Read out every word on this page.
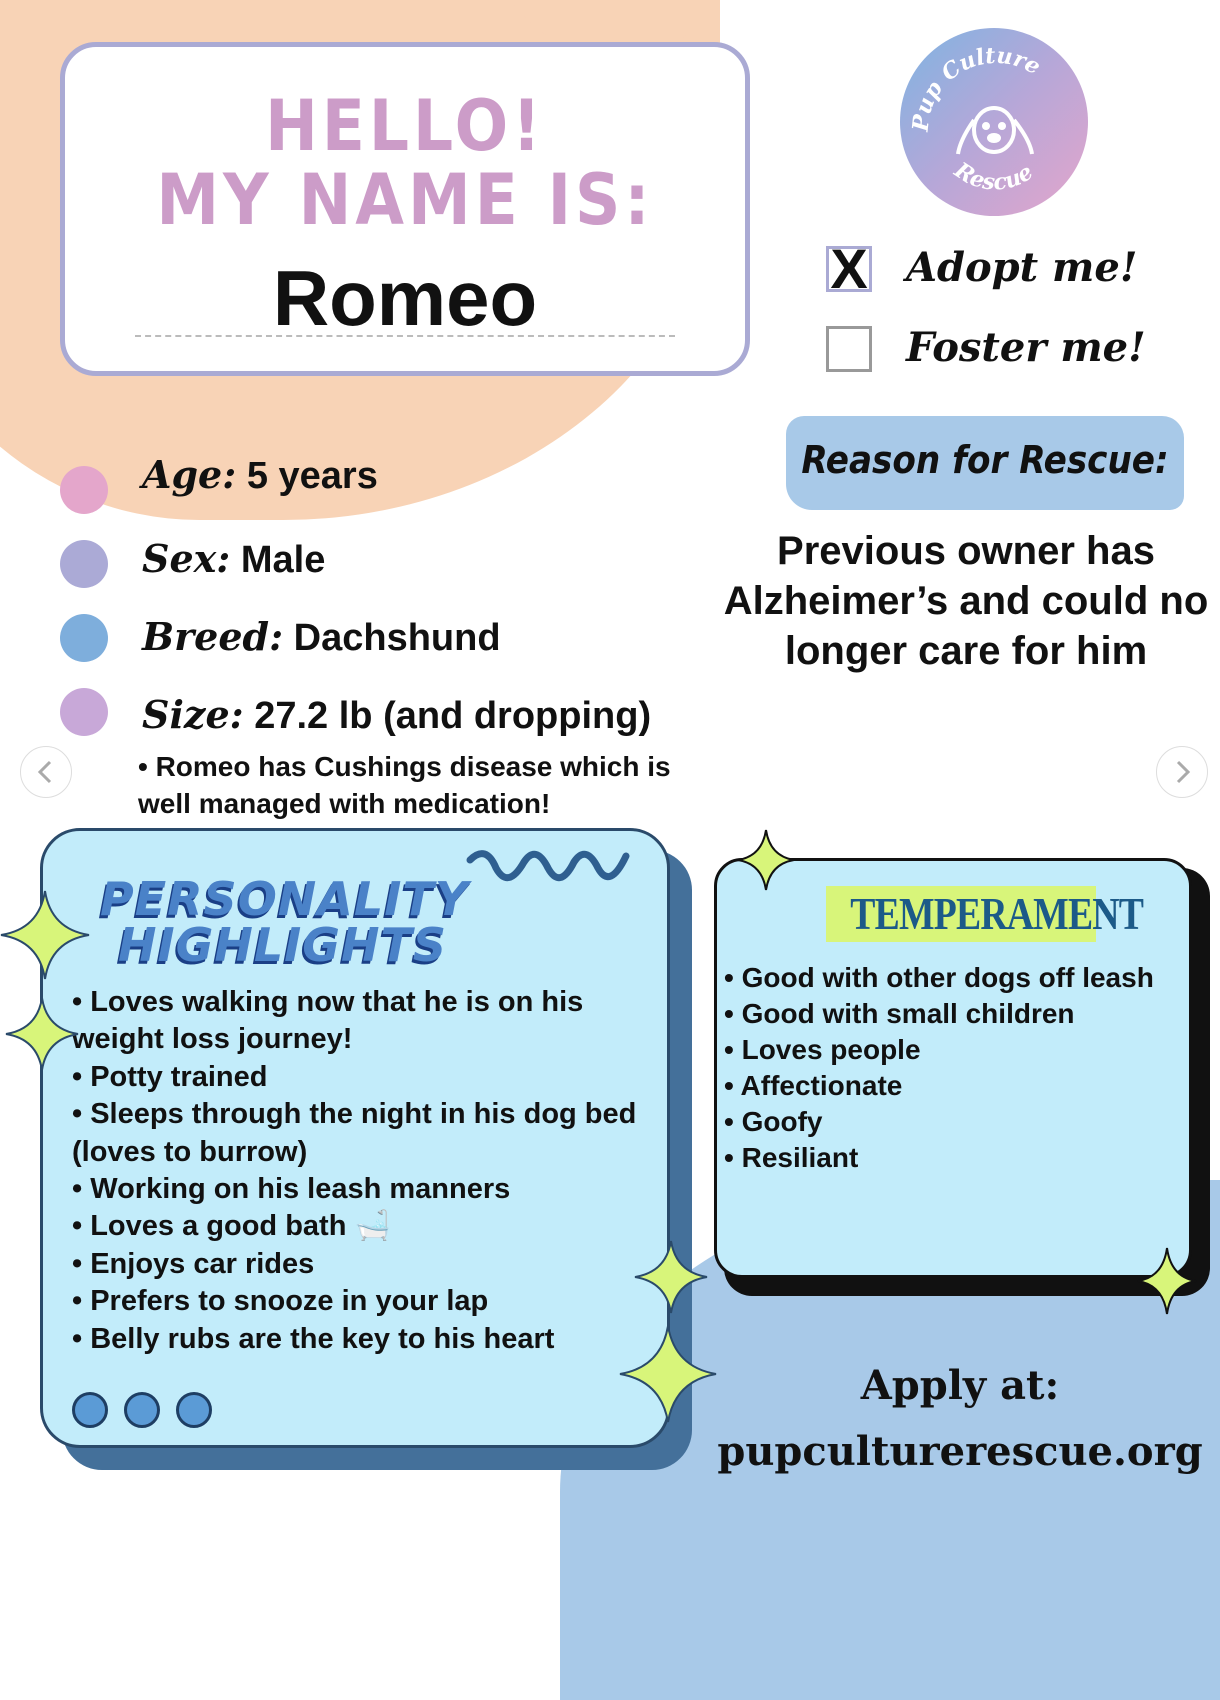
HELLO!
MY NAME IS:
Romeo
Pup Culture
Rescue
X Adopt me!
Foster me!
Reason for Rescue:
Previous owner has Alzheimer’s and could no longer care for him
Age: 5 years
Sex: Male
Breed: Dachshund
Size: 27.2 lb (and dropping)
• Romeo has Cushings disease which is well managed with medication!
PERSONALITY
HIGHLIGHTS
• Loves walking now that he is on his weight loss journey!
• Potty trained
• Sleeps through the night in his dog bed (loves to burrow)
• Working on his leash manners
• Loves a good bath 🛁
• Enjoys car rides
• Prefers to snooze in your lap
• Belly rubs are the key to his heart
TEMPERAMENT
• Good with other dogs off leash
• Good with small children
• Loves people
• Affectionate
• Goofy
• Resiliant
Apply at:
pupculturerescue.org
